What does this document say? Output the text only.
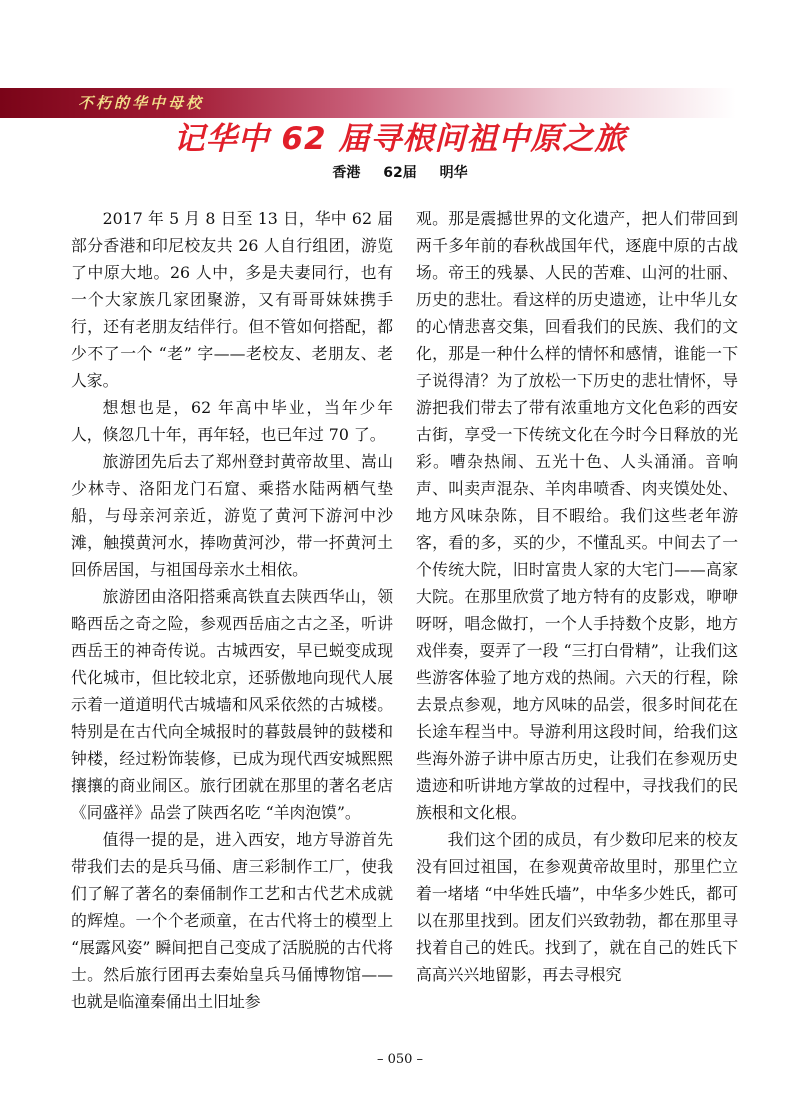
不朽的华中母校
记华中 62 届寻根问祖中原之旅
香港 62届 明华

2017 年 5 月 8 日至 13 日，华中 62 届部分香港和印尼校友共 26 人自行组团，游览了中原大地。26 人中，多是夫妻同行，也有一个大家族几家团聚游，又有哥哥妹妹携手行，还有老朋友结伴行。但不管如何搭配，都少不了一个 “老” 字——老校友、老朋友、老人家。

想想也是，62 年高中毕业，当年少年人，倏忽几十年，再年轻，也已年过 70 了。

旅游团先后去了郑州登封黄帝故里、嵩山少林寺、洛阳龙门石窟、乘搭水陆两栖气垫船，与母亲河亲近，游览了黄河下游河中沙滩，触摸黄河水，捧吻黄河沙，带一抔黄河土回侨居国，与祖国母亲水土相依。

旅游团由洛阳搭乘高铁直去陕西华山，领略西岳之奇之险，参观西岳庙之古之圣，听讲西岳王的神奇传说。古城西安，早已蜕变成现代化城市，但比较北京，还骄傲地向现代人展示着一道道明代古城墙和风采依然的古城楼。特别是在古代向全城报时的暮鼓晨钟的鼓楼和钟楼，经过粉饰装修，已成为现代西安城熙熙攘攘的商业闹区。旅行团就在那里的著名老店《同盛祥》品尝了陕西名吃 “羊肉泡馍”。

值得一提的是，进入西安，地方导游首先带我们去的是兵马俑、唐三彩制作工厂，使我们了解了著名的秦俑制作工艺和古代艺术成就的辉煌。一个个老顽童，在古代将士的模型上 “展露风姿” 瞬间把自己变成了活脱脱的古代将士。然后旅行团再去秦始皇兵马俑博物馆——也就是临潼秦俑出土旧址参

观。那是震撼世界的文化遗产，把人们带回到两千多年前的春秋战国年代，逐鹿中原的古战场。帝王的残暴、人民的苦难、山河的壮丽、历史的悲壮。看这样的历史遗迹，让中华儿女的心情悲喜交集，回看我们的民族、我们的文化，那是一种什么样的情怀和感情，谁能一下子说得清？为了放松一下历史的悲壮情怀，导游把我们带去了带有浓重地方文化色彩的西安古街，享受一下传统文化在今时今日释放的光彩。嘈杂热闹、五光十色、人头涌涌。音响声、叫卖声混杂、羊肉串喷香、肉夹馍处处、地方风味杂陈，目不暇给。我们这些老年游客，看的多，买的少，不懂乱买。中间去了一个传统大院，旧时富贵人家的大宅门——高家大院。在那里欣赏了地方特有的皮影戏，咿咿呀呀，唱念做打，一个人手持数个皮影，地方戏伴奏，耍弄了一段 “三打白骨精”，让我们这些游客体验了地方戏的热闹。六天的行程，除去景点参观，地方风味的品尝，很多时间花在长途车程当中。导游利用这段时间，给我们这些海外游子讲中原古历史，让我们在参观历史遗迹和听讲地方掌故的过程中，寻找我们的民族根和文化根。

我们这个团的成员，有少数印尼来的校友没有回过祖国，在参观黄帝故里时，那里伫立着一堵堵 “中华姓氏墙”，中华多少姓氏，都可以在那里找到。团友们兴致勃勃，都在那里寻找着自己的姓氏。找到了，就在自己的姓氏下高高兴兴地留影，再去寻根究

– 050 –
